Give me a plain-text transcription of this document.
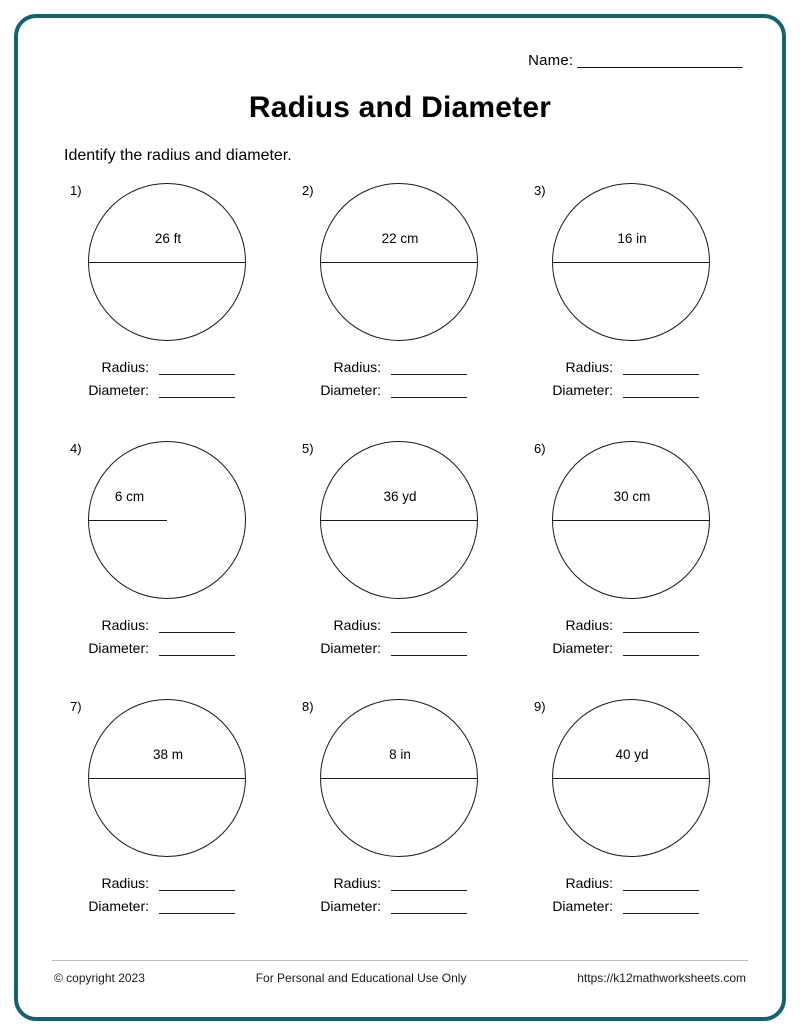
Name: _____________________
Radius and Diameter
Identify the radius and diameter.
1)
26 ft
Radius:
Diameter:
2)
22 cm
Radius:
Diameter:
3)
16 in
Radius:
Diameter:
4)
6 cm
Radius:
Diameter:
5)
36 yd
Radius:
Diameter:
6)
30 cm
Radius:
Diameter:
7)
38 m
Radius:
Diameter:
8)
8 in
Radius:
Diameter:
9)
40 yd
Radius:
Diameter:
© copyright 2023	For Personal and Educational Use Only	https://k12mathworksheets.com
